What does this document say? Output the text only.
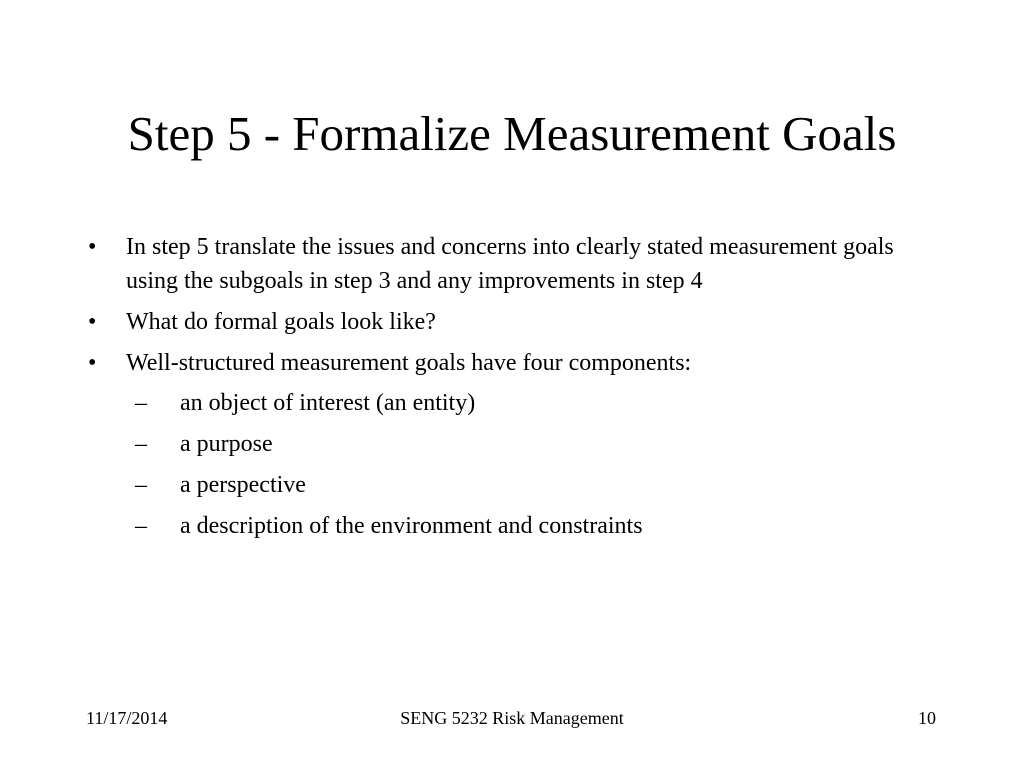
Step 5 - Formalize Measurement Goals
• In step 5 translate the issues and concerns into clearly stated measurement goals using the subgoals in step 3 and any improvements in step 4
• What do formal goals look like?
• Well-structured measurement goals have four components:
– an object of interest (an entity)
– a purpose
– a perspective
– a description of the environment and constraints
11/17/2014	SENG 5232 Risk Management	10
